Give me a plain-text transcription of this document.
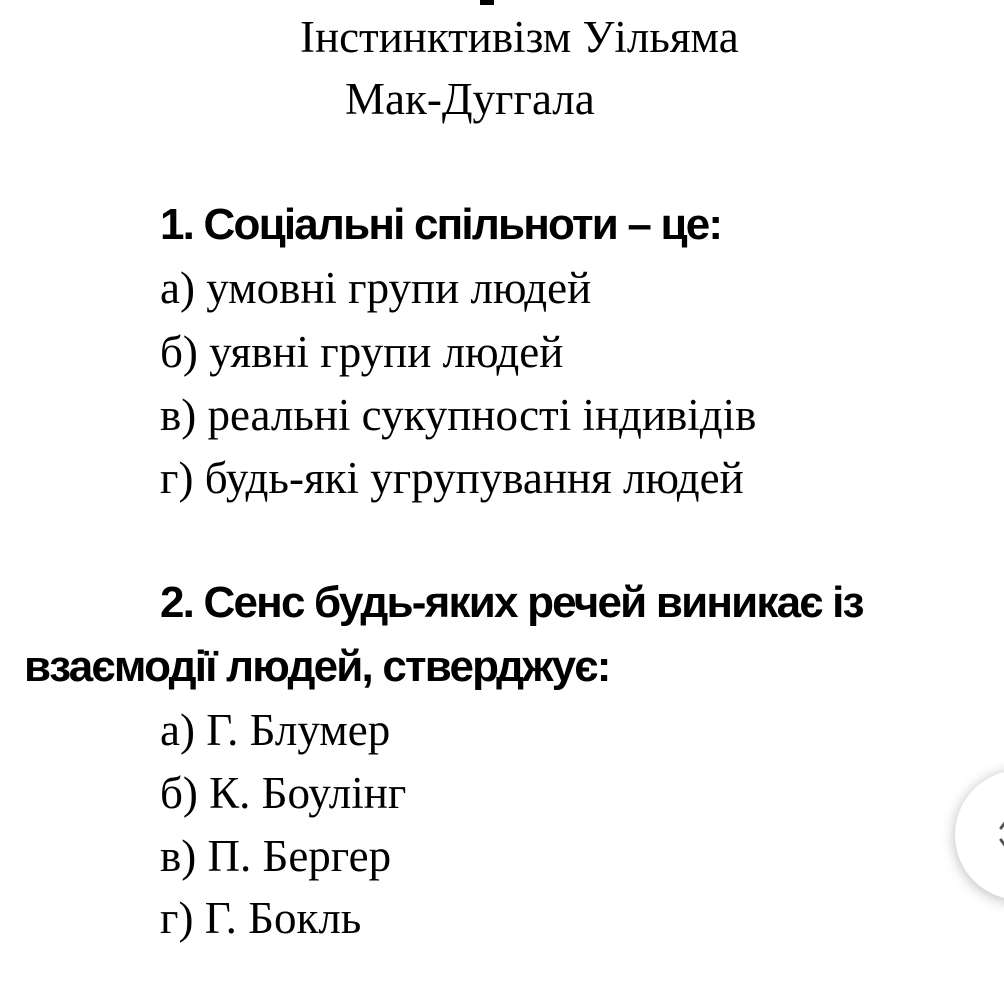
Інстинктивізм Уільяма
Мак-Дуггала

1. Соціальні спільноти – це:

а) умовні групи людей

б) уявні групи людей

в) реальні сукупності індивідів

г) будь-які угрупування людей

2. Сенс будь-яких речей виникає із

взаємодії людей, стверджує:

а) Г. Блумер

б) К. Боулінг

в) П. Бергер

г) Г. Бокль
